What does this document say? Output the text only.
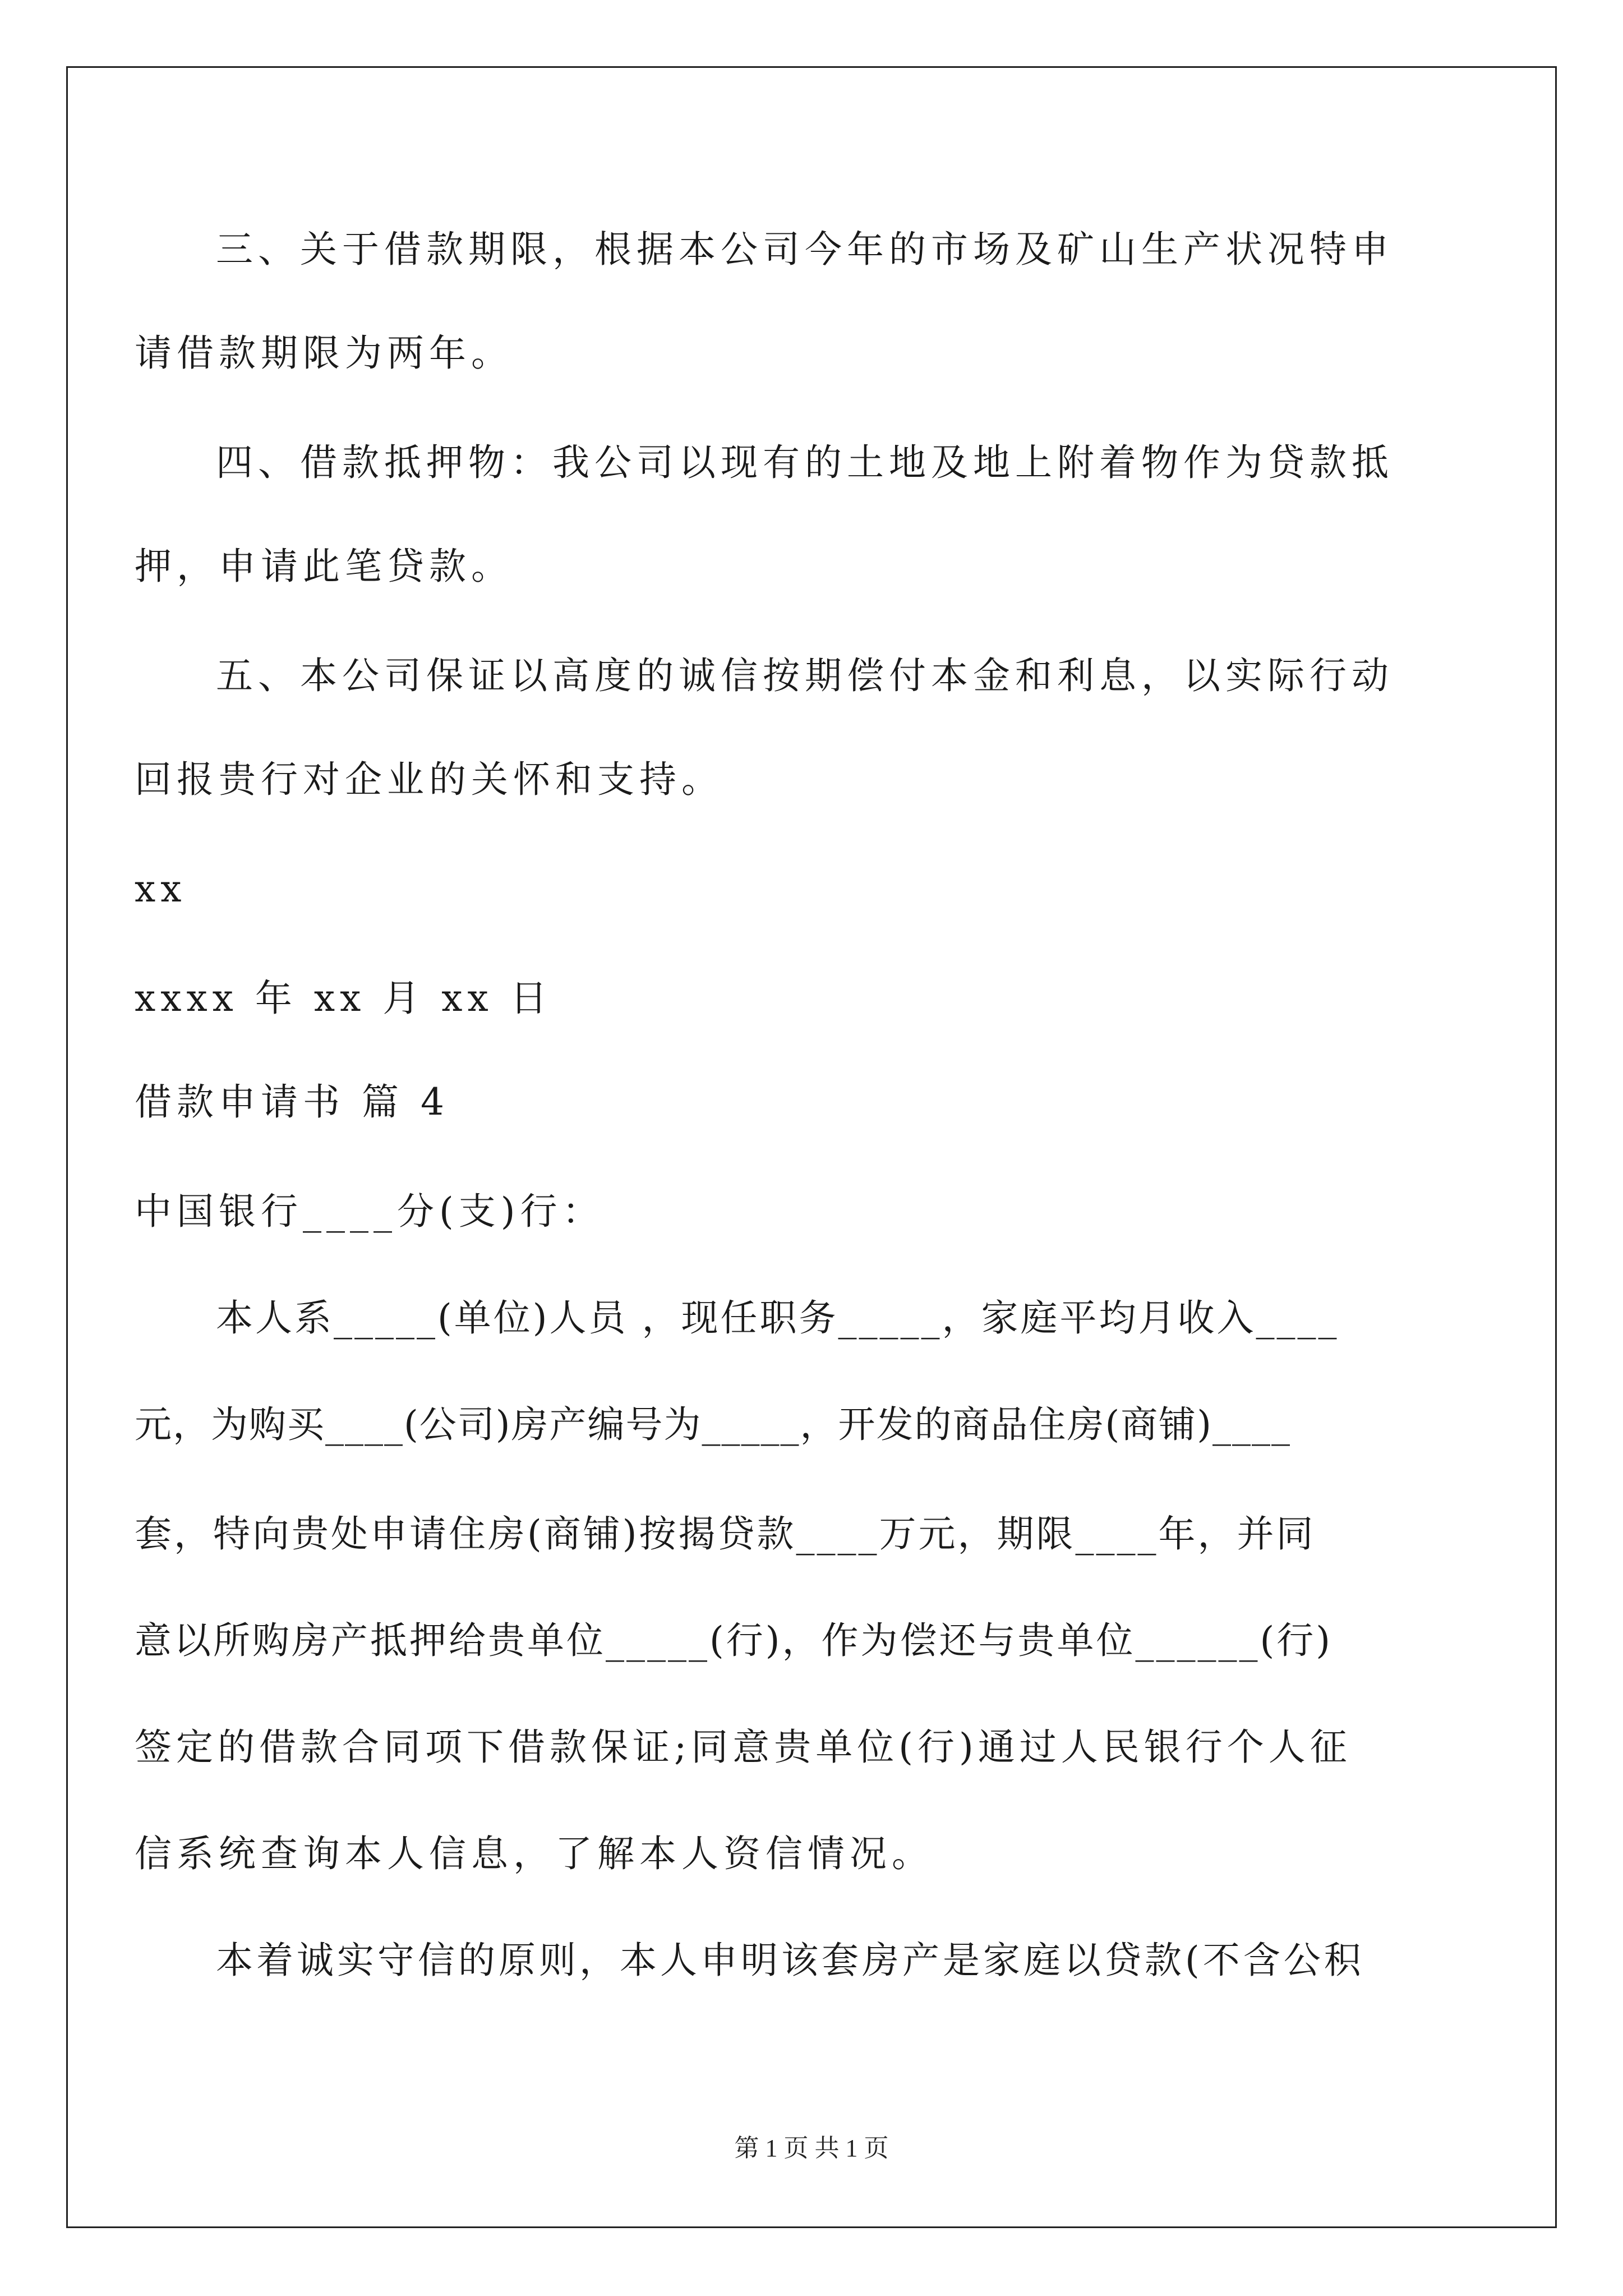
三、关于借款期限，根据本公司今年的市场及矿山生产状况特申
请借款期限为两年。
四、借款抵押物：我公司以现有的土地及地上附着物作为贷款抵
押，申请此笔贷款。
五、本公司保证以高度的诚信按期偿付本金和利息，以实际行动
回报贵行对企业的关怀和支持。
xx
xxxx 年 xx 月 xx 日
借款申请书 篇 4
中国银行____分(支)行：
本人系_____(单位)人员 ，现任职务_____，家庭平均月收入____
元，为购买____(公司)房产编号为_____，开发的商品住房(商铺)____
套，特向贵处申请住房(商铺)按揭贷款____万元，期限____年，并同
意以所购房产抵押给贵单位_____(行)，作为偿还与贵单位______(行)
签定的借款合同项下借款保证;同意贵单位(行)通过人民银行个人征
信系统查询本人信息，了解本人资信情况。
本着诚实守信的原则，本人申明该套房产是家庭以贷款(不含公积
第 1 页 共 1 页
